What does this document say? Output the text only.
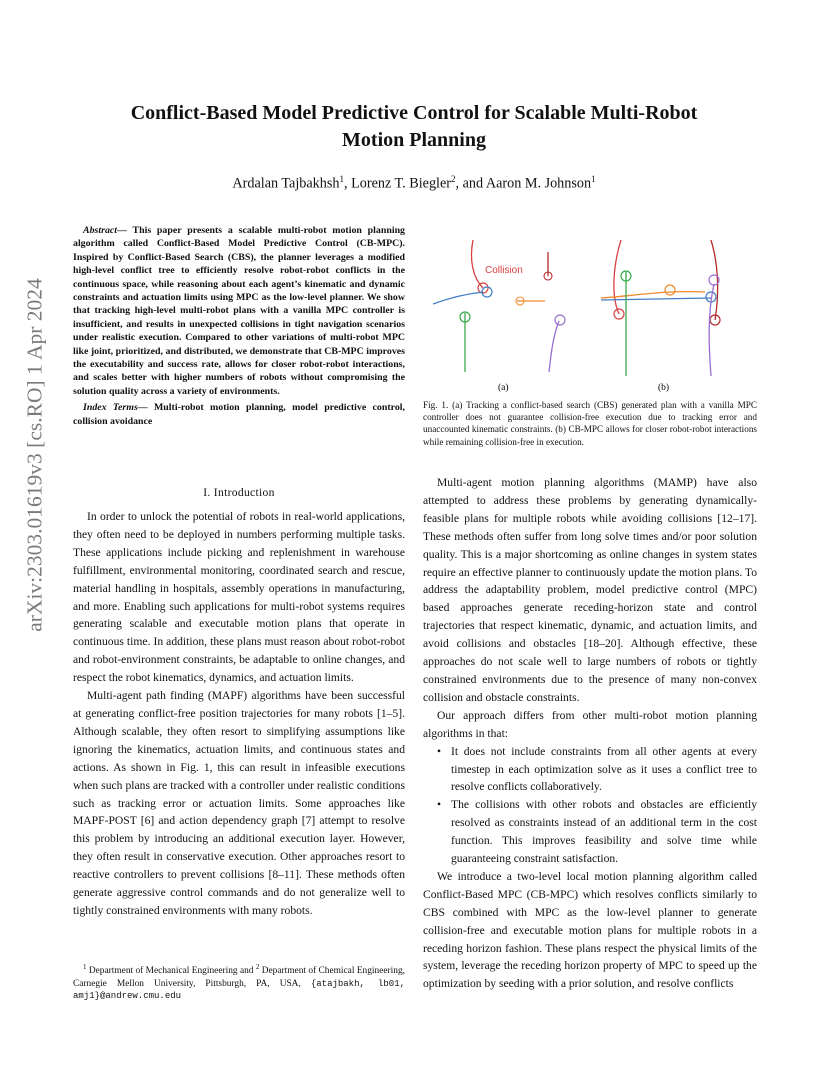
Conflict-Based Model Predictive Control for Scalable Multi-Robot
Motion Planning
Ardalan Tajbakhsh$^1$, Lorenz T. Biegler$^2$, and Aaron M. Johnson$^1$
arXiv:2303.01619v3 [cs.RO] 1 Apr 2024

Abstract— This paper presents a scalable multi-robot motion planning algorithm called Conflict-Based Model Predictive Control (CB-MPC). Inspired by Conflict-Based Search (CBS), the planner leverages a modified high-level conflict tree to efficiently resolve robot-robot conflicts in the continuous space, while reasoning about each agent’s kinematic and dynamic constraints and actuation limits using MPC as the low-level planner. We show that tracking high-level multi-robot plans with a vanilla MPC controller is insufficient, and results in unexpected collisions in tight navigation scenarios under realistic execution. Compared to other variations of multi-robot MPC like joint, prioritized, and distributed, we demonstrate that CB-MPC improves the executability and success rate, allows for closer robot-robot interactions, and scales better with higher numbers of robots without compromising the solution quality across a variety of environments.

Index Terms— Multi-robot motion planning, model predictive control, collision avoidance

I. Introduction

In order to unlock the potential of robots in real-world applications, they often need to be deployed in numbers performing multiple tasks. These applications include picking and replenishment in warehouse fulfillment, environmental monitoring, coordinated search and rescue, material handling in hospitals, assembly operations in manufacturing, and more. Enabling such applications for multi-robot systems requires generating scalable and executable motion plans that operate in continuous time. In addition, these plans must reason about robot-robot and robot-environment constraints, be adaptable to online changes, and respect the robot kinematics, dynamics, and actuation limits.

Multi-agent path finding (MAPF) algorithms have been successful at generating conflict-free position trajectories for many robots [1–5]. Although scalable, they often resort to simplifying assumptions like ignoring the kinematics, actuation limits, and continuous states and actions. As shown in Fig. 1, this can result in infeasible executions when such plans are tracked with a controller under realistic conditions such as tracking error or actuation limits. Some approaches like MAPF-POST [6] and action dependency graph [7] attempt to resolve this problem by introducing an additional execution layer. However, they often result in conservative execution. Other approaches resort to reactive controllers to prevent collisions [8–11]. These methods often generate aggressive control commands and do not generalize well to tightly constrained environments with many robots.

$^1$ Department of Mechanical Engineering and $^2$ Department of Chemical Engineering, Carnegie Mellon University, Pittsburgh, PA, USA, {atajbakh, lb01, amj1}@andrew.cmu.edu
Collision
(a)	(b)
Fig. 1. (a) Tracking a conflict-based search (CBS) generated plan with a vanilla MPC controller does not guarantee collision-free execution due to tracking error and unaccounted kinematic constraints. (b) CB-MPC allows for closer robot-robot interactions while remaining collision-free in execution.

Multi-agent motion planning algorithms (MAMP) have also attempted to address these problems by generating dynamically-feasible plans for multiple robots while avoiding collisions [12–17]. These methods often suffer from long solve times and/or poor solution quality. This is a major shortcoming as online changes in system states require an effective planner to continuously update the motion plans. To address the adaptability problem, model predictive control (MPC) based approaches generate receding-horizon state and control trajectories that respect kinematic, dynamic, and actuation limits, and avoid collisions and obstacles [18–20]. Although effective, these approaches do not scale well to large numbers of robots or tightly constrained environments due to the presence of many non-convex collision and obstacle constraints.

Our approach differs from other multi-robot motion planning algorithms in that:

• It does not include constraints from all other agents at every timestep in each optimization solve as it uses a conflict tree to resolve conflicts collaboratively.
• The collisions with other robots and obstacles are efficiently resolved as constraints instead of an additional term in the cost function. This improves feasibility and solve time while guaranteeing constraint satisfaction.

We introduce a two-level local motion planning algorithm called Conflict-Based MPC (CB-MPC) which resolves conflicts similarly to CBS combined with MPC as the low-level planner to generate collision-free and executable motion plans for multiple robots in a receding horizon fashion. These plans respect the physical limits of the system, leverage the receding horizon property of MPC to speed up the optimization by seeding with a prior solution, and resolve conflicts
